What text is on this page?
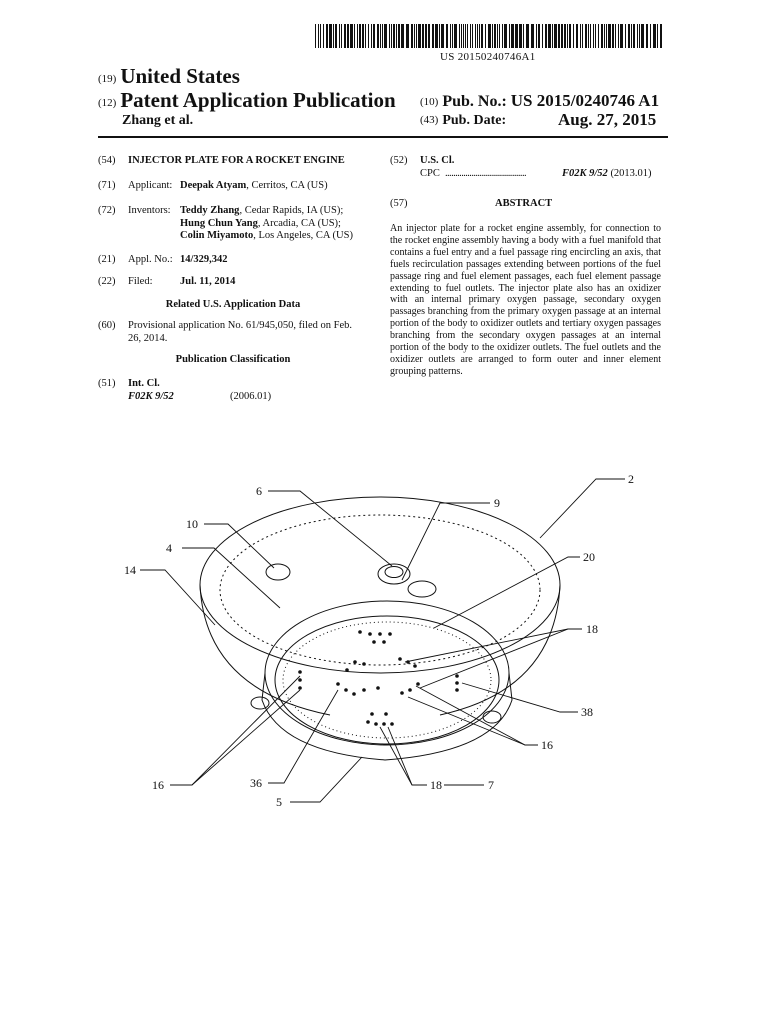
US 20150240746A1
(19) United States
(12) Patent Application Publication
Zhang et al.
(10) Pub. No.: US 2015/0240746 A1
(43) Pub. Date:	Aug. 27, 2015
(54) INJECTOR PLATE FOR A ROCKET ENGINE
(71) Applicant: Deepak Atyam, Cerritos, CA (US)
(72) Inventors: Teddy Zhang, Cedar Rapids, IA (US);
Hung Chun Yang, Arcadia, CA (US);
Colin Miyamoto, Los Angeles, CA (US)
(21) Appl. No.: 14/329,342
(22) Filed:	Jul. 11, 2014
Related U.S. Application Data
(60) Provisional application No. 61/945,050, filed on Feb.
26, 2014.
Publication Classification
(51) Int. Cl.
F02K 9/52	(2006.01)
(52) U.S. Cl.
CPC ........................................	F02K 9/52 (2013.01)
(57)	ABSTRACT
An injector plate for a rocket engine assembly, for connection to the rocket engine assembly having a body with a fuel manifold that contains a fuel entry and a fuel passage ring encircling an axis, that fuels recirculation passages extending between portions of the fuel passage ring and fuel element passages, each fuel element passage extending to fuel outlets. The injector plate also has an oxidizer with an internal primary oxygen passage, secondary oxygen passages branching from the primary oxygen passage at an internal portion of the body to oxidizer outlets and tertiary oxygen passages branching from the secondary oxygen passages at an internal portion of the body to the oxidizer outlets. The fuel outlets and the oxidizer outlets are arranged to form outer and inner element grouping patterns.
2
9
6
10
4
14
20
18
38
16
16	36	18	7
5
